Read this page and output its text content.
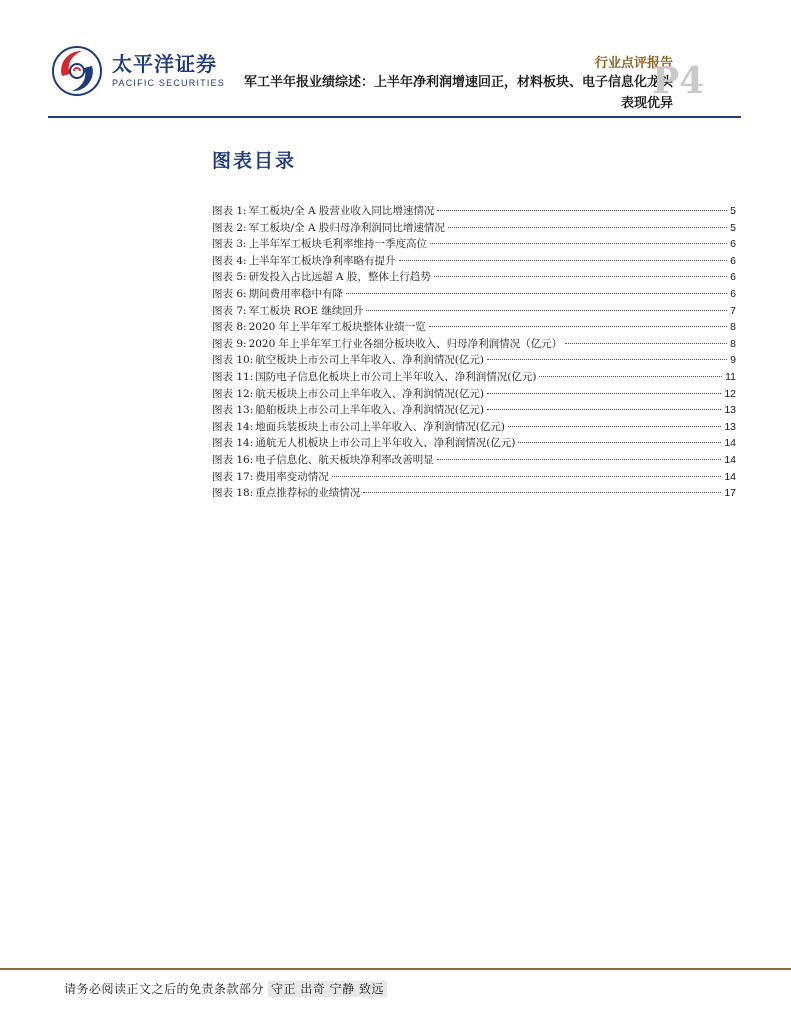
太平洋证券
PACIFIC SECURITIES
行业点评报告
军工半年报业绩综述：上半年净利润增速回正，材料板块、电子信息化龙头表现优异
P4
图表目录
图表 1: 军工板块/全 A 股营业收入同比增速情况	5
图表 2: 军工板块/全 A 股归母净利润同比增速情况	5
图表 3: 上半年军工板块毛利率维持一季度高位	6
图表 4: 上半年军工板块净利率略有提升	6
图表 5: 研发投入占比远超 A 股，整体上行趋势	6
图表 6: 期间费用率稳中有降	6
图表 7: 军工板块 ROE 继续回升	7
图表 8: 2020 年上半年军工板块整体业绩一览	8
图表 9: 2020 年上半年军工行业各细分板块收入、归母净利润情况（亿元）	8
图表 10: 航空板块上市公司上半年收入、净利润情况(亿元)	9
图表 11: 国防电子信息化板块上市公司上半年收入、净利润情况(亿元)	11
图表 12: 航天板块上市公司上半年收入、净利润情况(亿元)	12
图表 13: 船舶板块上市公司上半年收入、净利润情况(亿元)	13
图表 14: 地面兵装板块上市公司上半年收入、净利润情况(亿元)	13
图表 14: 通航无人机板块上市公司上半年收入、净利润情况(亿元)	14
图表 16: 电子信息化、航天板块净利率改善明显	14
图表 17: 费用率变动情况	14
图表 18: 重点推荐标的业绩情况	17
请务必阅读正文之后的免责条款部分 守正 出奇 宁静 致远
